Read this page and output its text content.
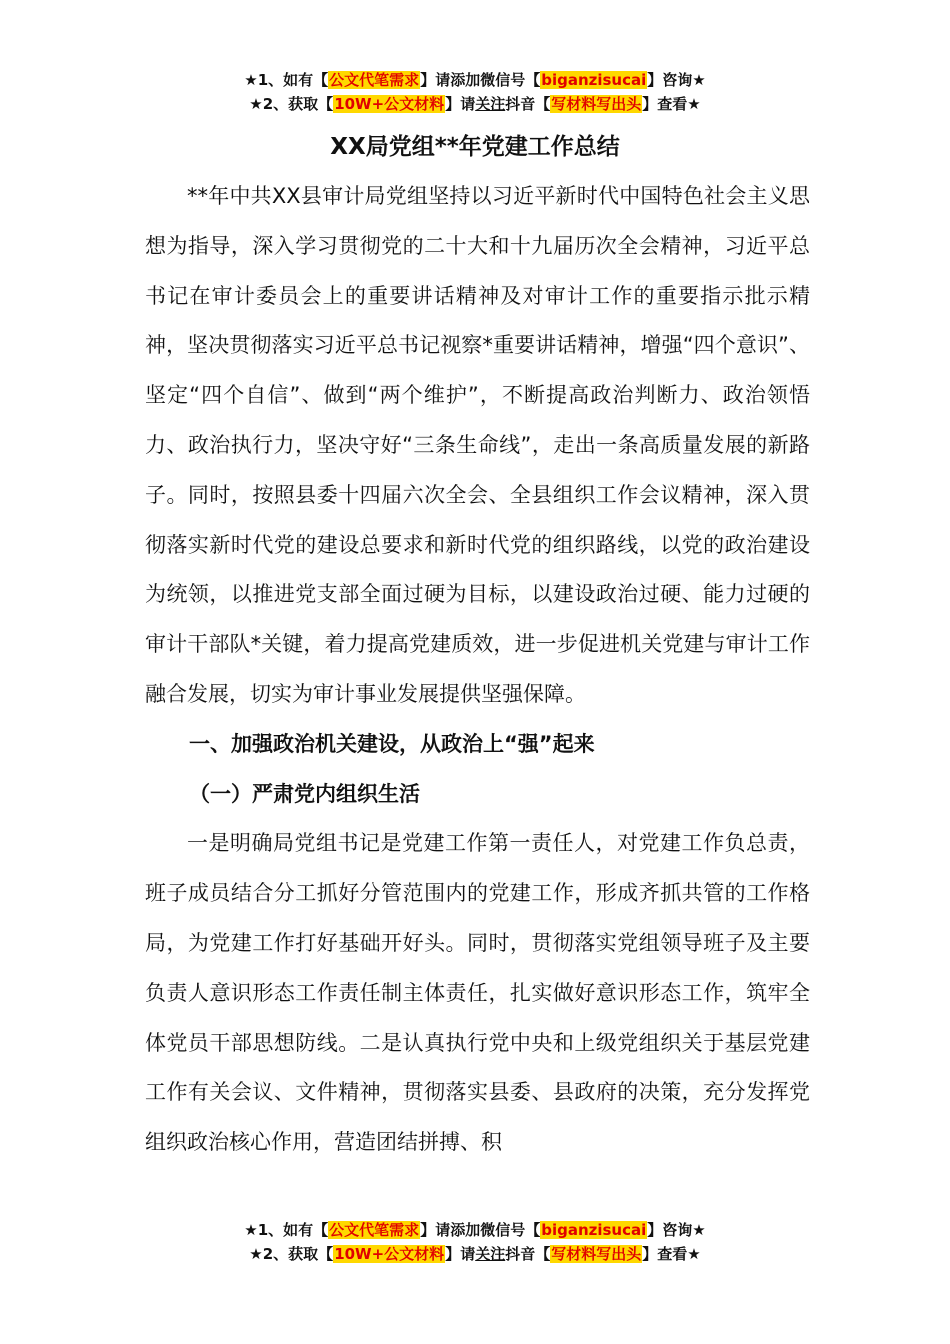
★1、如有【公文代笔需求】请添加微信号【biganzisucai】咨询★
★2、获取【10W+公文材料】请关注抖音【写材料写出头】查看★
XX局党组**年党建工作总结

**年中共XX县审计局党组坚持以习近平新时代中国特色社会主义思想为指导，深入学习贯彻党的二十大和十九届历次全会精神，习近平总书记在审计委员会上的重要讲话精神及对审计工作的重要指示批示精神，坚决贯彻落实习近平总书记视察*重要讲话精神，增强“四个意识”、坚定“四个自信”、做到“两个维护”，不断提高政治判断力、政治领悟力、政治执行力，坚决守好“三条生命线”，走出一条高质量发展的新路子。同时，按照县委十四届六次全会、全县组织工作会议精神，深入贯彻落实新时代党的建设总要求和新时代党的组织路线，以党的政治建设为统领，以推进党支部全面过硬为目标，以建设政治过硬、能力过硬的审计干部队*关键，着力提高党建质效，进一步促进机关党建与审计工作融合发展，切实为审计事业发展提供坚强保障。

一、加强政治机关建设，从政治上“强”起来
（一）严肃党内组织生活

一是明确局党组书记是党建工作第一责任人，对党建工作负总责，班子成员结合分工抓好分管范围内的党建工作，形成齐抓共管的工作格局，为党建工作打好基础开好头。同时，贯彻落实党组领导班子及主要负责人意识形态工作责任制主体责任，扎实做好意识形态工作，筑牢全体党员干部思想防线。二是认真执行党中央和上级党组织关于基层党建工作有关会议、文件精神，贯彻落实县委、县政府的决策，充分发挥党组织政治核心作用，营造团结拼搏、积

★1、如有【公文代笔需求】请添加微信号【biganzisucai】咨询★
★2、获取【10W+公文材料】请关注抖音【写材料写出头】查看★
